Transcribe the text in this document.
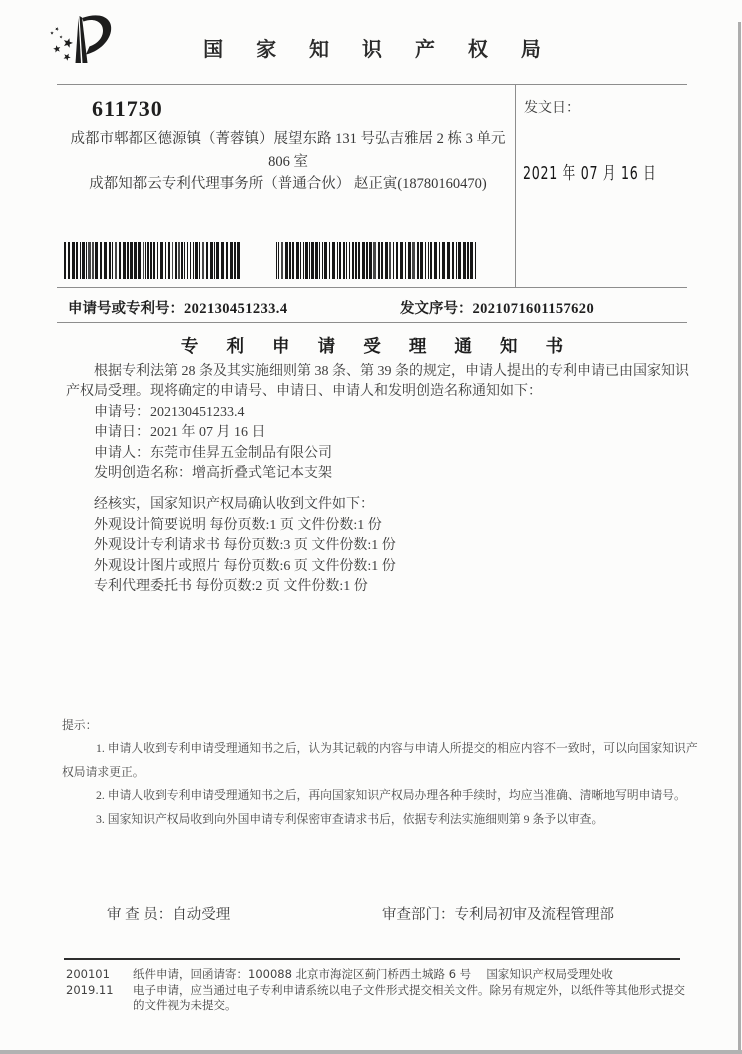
国 家 知 识 产 权 局
611730
成都市郫都区德源镇（菁蓉镇）展望东路 131 号弘吉雅居 2 栋 3 单元
806 室
成都知都云专利代理事务所（普通合伙） 赵正寅(18780160470)
发文日：
2021 年 07 月 16 日
申请号或专利号：202130451233.4	发文序号：2021071601157620
专 利 申 请 受 理 通 知 书

根据专利法第 28 条及其实施细则第 38 条、第 39 条的规定，申请人提出的专利申请已由国家知识产权局受理。现将确定的申请号、申请日、申请人和发明创造名称通知如下：

申请号：202130451233.4
申请日：2021 年 07 月 16 日
申请人：东莞市佳昇五金制品有限公司
发明创造名称：增高折叠式笔记本支架

经核实，国家知识产权局确认收到文件如下：

外观设计简要说明 每份页数:1 页 文件份数:1 份
外观设计专利请求书 每份页数:3 页 文件份数:1 份
外观设计图片或照片 每份页数:6 页 文件份数:1 份
专利代理委托书 每份页数:2 页 文件份数:1 份
提示：
1. 申请人收到专利申请受理通知书之后，认为其记载的内容与申请人所提交的相应内容不一致时，可以向国家知识产权局请求更正。
2. 申请人收到专利申请受理通知书之后，再向国家知识产权局办理各种手续时，均应当准确、清晰地写明申请号。
3. 国家知识产权局收到向外国申请专利保密审查请求书后，依据专利法实施细则第 9 条予以审查。
审 查 员：自动受理	审查部门：专利局初审及流程管理部
200101
2019.11
纸件申请，回函请寄：100088 北京市海淀区蓟门桥西土城路 6 号　 国家知识产权局受理处收
电子申请，应当通过电子专利申请系统以电子文件形式提交相关文件。除另有规定外，以纸件等其他形式提交的文件视为未提交。
